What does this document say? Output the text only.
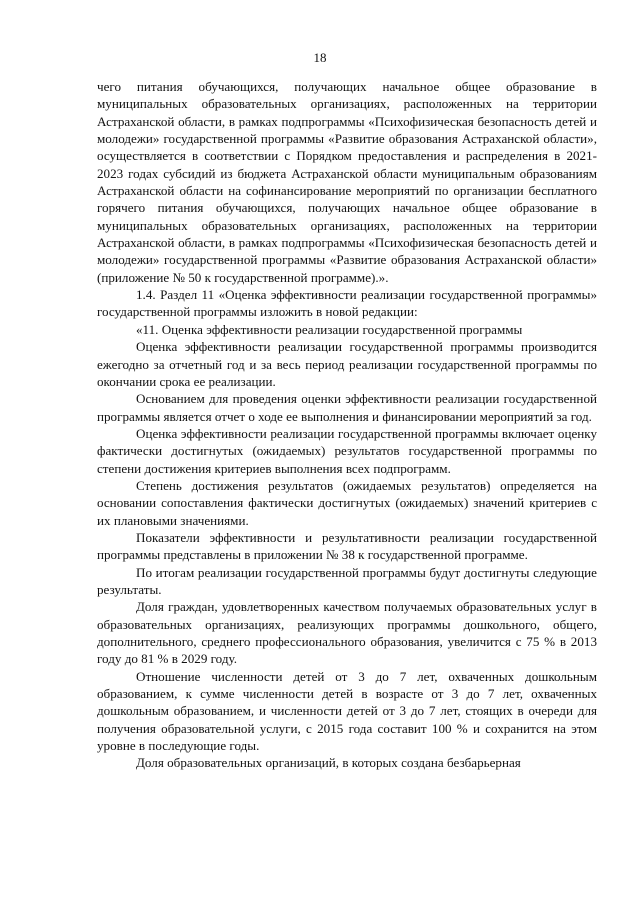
18

чего питания обучающихся, получающих начальное общее образование в муниципальных образовательных организациях, расположенных на территории Астраханской области, в рамках подпрограммы «Психофизическая безопасность детей и молодежи» государственной программы «Развитие образования Астраханской области», осуществляется в соответствии с Порядком предоставления и распределения в 2021-2023 годах субсидий из бюджета Астраханской области муниципальным образованиям Астраханской области на софинансирование мероприятий по организации бесплатного горячего питания обучающихся, получающих начальное общее образование в муниципальных образовательных организациях, расположенных на территории Астраханской области, в рамках подпрограммы «Психофизическая безопасность детей и молодежи» государственной программы «Развитие образования Астраханской области» (приложение № 50 к государственной программе).».

1.4. Раздел 11 «Оценка эффективности реализации государственной программы» государственной программы изложить в новой редакции:

«11. Оценка эффективности реализации государственной программы

Оценка эффективности реализации государственной программы производится ежегодно за отчетный год и за весь период реализации государственной программы по окончании срока ее реализации.

Основанием для проведения оценки эффективности реализации государственной программы является отчет о ходе ее выполнения и финансировании мероприятий за год.

Оценка эффективности реализации государственной программы включает оценку фактически достигнутых (ожидаемых) результатов государственной программы по степени достижения критериев выполнения всех подпрограмм.

Степень достижения результатов (ожидаемых результатов) определяется на основании сопоставления фактически достигнутых (ожидаемых) значений критериев с их плановыми значениями.

Показатели эффективности и результативности реализации государственной программы представлены в приложении № 38 к государственной программе.

По итогам реализации государственной программы будут достигнуты следующие результаты.

Доля граждан, удовлетворенных качеством получаемых образовательных услуг в образовательных организациях, реализующих программы дошкольного, общего, дополнительного, среднего профессионального образования, увеличится с 75 % в 2013 году до 81 % в 2029 году.

Отношение численности детей от 3 до 7 лет, охваченных дошкольным образованием, к сумме численности детей в возрасте от 3 до 7 лет, охваченных дошкольным образованием, и численности детей от 3 до 7 лет, стоящих в очереди для получения образовательной услуги, с 2015 года составит 100 % и сохранится на этом уровне в последующие годы.

Доля образовательных организаций, в которых создана безбарьерная
